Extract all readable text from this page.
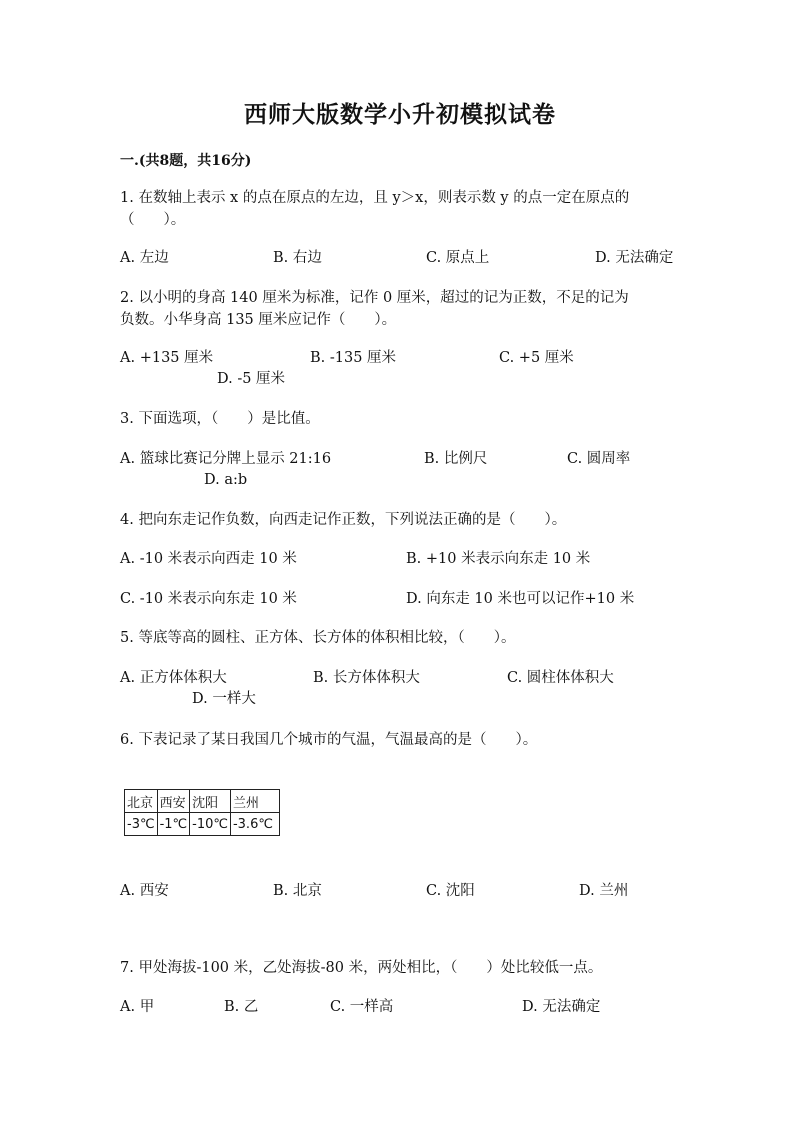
西师大版数学小升初模拟试卷
一.(共8题，共16分)
1. 在数轴上表示 x 的点在原点的左边，且 y＞x，则表示数 y 的点一定在原点的
（　　）。
A. 左边	B. 右边	C. 原点上	D. 无法确定
2. 以小明的身高 140 厘米为标准，记作 0 厘米，超过的记为正数，不足的记为
负数。小华身高 135 厘米应记作（　　）。
A. +135 厘米	B. -135 厘米	C. +5 厘米
D. -5 厘米
3. 下面选项，（　　）是比值。
A. 篮球比赛记分牌上显示 21:16	B. 比例尺	C. 圆周率
D. a:b
4. 把向东走记作负数，向西走记作正数，下列说法正确的是（　　）。
A. -10 米表示向西走 10 米	B. +10 米表示向东走 10 米
C. -10 米表示向东走 10 米	D. 向东走 10 米也可以记作+10 米
5. 等底等高的圆柱、正方体、长方体的体积相比较，（　　）。
A. 正方体体积大	B. 长方体体积大	C. 圆柱体体积大
D. 一样大
6. 下表记录了某日我国几个城市的气温，气温最高的是（　　）。
北京	西安	沈阳	兰州
-3℃	-1℃	-10℃	-3.6℃
A. 西安	B. 北京	C. 沈阳	D. 兰州
7. 甲处海拔-100 米，乙处海拔-80 米，两处相比，（　　）处比较低一点。
A. 甲	B. 乙	C. 一样高	D. 无法确定
